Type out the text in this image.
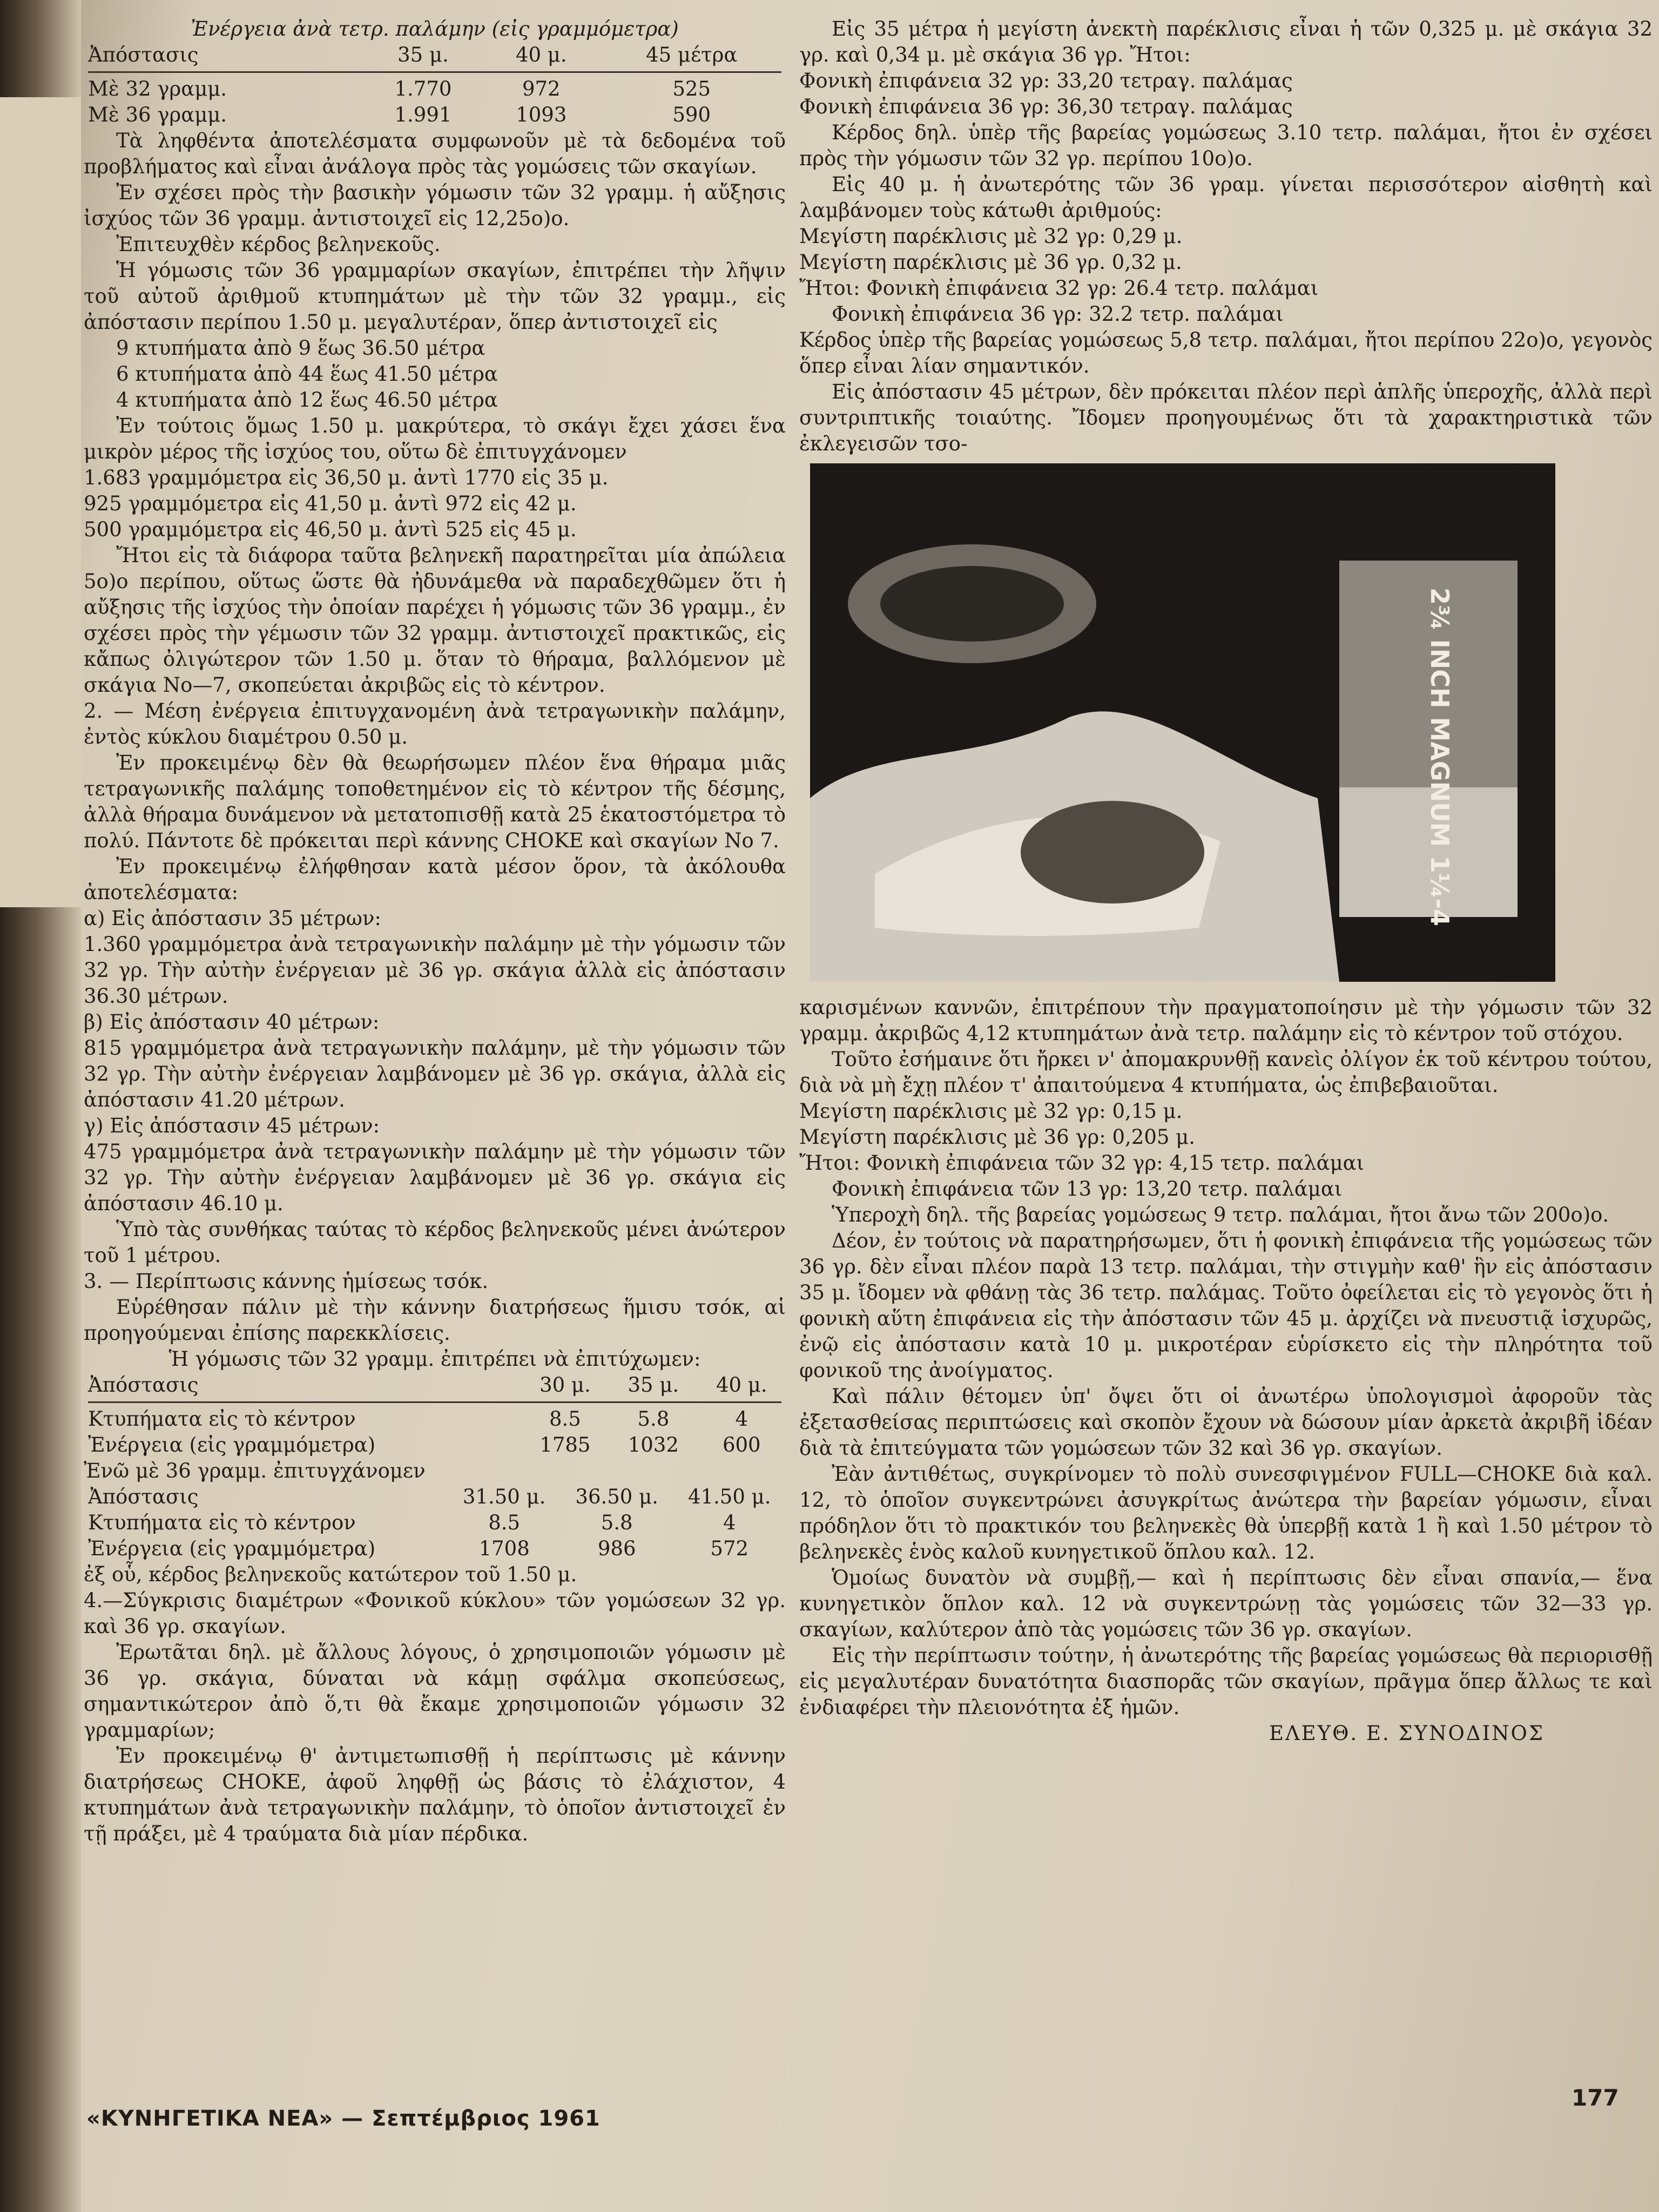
Ἐνέργεια ἀνὰ τετρ. παλάμην (εἰς γραμμόμετρα)

Ἀπόστασις	35 μ.	40 μ.	45 μέτρα

Μὲ 32 γραμμ.	1.770	972	525
Μὲ 36 γραμμ.	1.991	1093	590

Τὰ ληφθέντα ἀποτελέσματα συμφωνοῦν μὲ τὰ δεδομένα τοῦ προβλήματος καὶ εἶναι ἀνάλογα πρὸς τὰς γομώσεις τῶν σκαγίων.

Ἐν σχέσει πρὸς τὴν βασικὴν γόμωσιν τῶν 32 γραμμ. ἡ αὔξησις ἰσχύος τῶν 36 γραμμ. ἀντιστοιχεῖ εἰς 12,25ο)ο.

Ἐπιτευχθὲν κέρδος βεληνεκοῦς.

Ἡ γόμωσις τῶν 36 γραμμαρίων σκαγίων, ἐπιτρέπει τὴν λῆψιν τοῦ αὐτοῦ ἀριθμοῦ κτυπημάτων μὲ τὴν τῶν 32 γραμμ., εἰς ἀπόστασιν περίπου 1.50 μ. μεγαλυτέραν, ὅπερ ἀντιστοιχεῖ εἰς

9 κτυπήματα ἀπὸ 9 ἕως 36.50 μέτρα

6 κτυπήματα ἀπὸ 44 ἕως 41.50 μέτρα

4 κτυπήματα ἀπὸ 12 ἕως 46.50 μέτρα

Ἐν τούτοις ὅμως 1.50 μ. μακρύτερα, τὸ σκάγι ἔχει χάσει ἕνα μικρὸν μέρος τῆς ἰσχύος του, οὕτω δὲ ἐπιτυγχάνομεν

1.683 γραμμόμετρα εἰς 36,50 μ. ἀντὶ 1770 εἰς 35 μ.

925 γραμμόμετρα εἰς 41,50 μ. ἀντὶ 972 εἰς 42 μ.

500 γραμμόμετρα εἰς 46,50 μ. ἀντὶ 525 εἰς 45 μ.

Ἤτοι εἰς τὰ διάφορα ταῦτα βεληνεκῆ παρατηρεῖται μία ἀπώλεια 5ο)ο περίπου, οὕτως ὥστε θὰ ἠδυνάμεθα νὰ παραδεχθῶμεν ὅτι ἡ αὔξησις τῆς ἰσχύος τὴν ὁποίαν παρέχει ἡ γόμωσις τῶν 36 γραμμ., ἐν σχέσει πρὸς τὴν γέμωσιν τῶν 32 γραμμ. ἀντιστοιχεῖ πρακτικῶς, εἰς κἄπως ὀλιγώτερον τῶν 1.50 μ. ὅταν τὸ θήραμα, βαλλόμενον μὲ σκάγια Νο—7, σκοπεύεται ἀκριβῶς εἰς τὸ κέντρον.

2. — Μέση ἐνέργεια ἐπιτυγχανομένη ἀνὰ τετραγωνικὴν παλάμην, ἐντὸς κύκλου διαμέτρου 0.50 μ.

Ἐν προκειμένῳ δὲν θὰ θεωρήσωμεν πλέον ἕνα θήραμα μιᾶς τετραγωνικῆς παλάμης τοποθετημένον εἰς τὸ κέντρον τῆς δέσμης, ἀλλὰ θήραμα δυνάμενον νὰ μετατοπισθῇ κατὰ 25 ἑκατοστόμετρα τὸ πολύ. Πάντοτε δὲ πρόκειται περὶ κάννης CHOKE καὶ σκαγίων Νο 7.

Ἐν προκειμένῳ ἐλήφθησαν κατὰ μέσον ὅρον, τὰ ἀκόλουθα ἀποτελέσματα:

α) Εἰς ἀπόστασιν 35 μέτρων:

1.360 γραμμόμετρα ἀνὰ τετραγωνικὴν παλάμην μὲ τὴν γόμωσιν τῶν 32 γρ. Τὴν αὐτὴν ἐνέργειαν μὲ 36 γρ. σκάγια ἀλλὰ εἰς ἀπόστασιν 36.30 μέτρων.

β) Εἰς ἀπόστασιν 40 μέτρων:

815 γραμμόμετρα ἀνὰ τετραγωνικὴν παλάμην, μὲ τὴν γόμωσιν τῶν 32 γρ. Τὴν αὐτὴν ἐνέργειαν λαμβάνομεν μὲ 36 γρ. σκάγια, ἀλλὰ εἰς ἀπόστασιν 41.20 μέτρων.

γ) Εἰς ἀπόστασιν 45 μέτρων:

475 γραμμόμετρα ἀνὰ τετραγωνικὴν παλάμην μὲ τὴν γόμωσιν τῶν 32 γρ. Τὴν αὐτὴν ἐνέργειαν λαμβάνομεν μὲ 36 γρ. σκάγια εἰς ἀπόστασιν 46.10 μ.

Ὑπὸ τὰς συνθήκας ταύτας τὸ κέρδος βεληνεκοῦς μένει ἀνώτερον τοῦ 1 μέτρου.

3. — Περίπτωσις κάννης ἡμίσεως τσόκ.

Εὑρέθησαν πάλιν μὲ τὴν κάννην διατρήσεως ἥμισυ τσόκ, αἱ προηγούμεναι ἐπίσης παρεκκλίσεις.

Ἡ γόμωσις τῶν 32 γραμμ. ἐπιτρέπει νὰ ἐπιτύχωμεν:

Ἀπόστασις	30 μ.	35 μ.	40 μ.

Κτυπήματα εἰς τὸ κέντρον	8.5	5.8	4
Ἐνέργεια (εἰς γραμμόμετρα)	1785	1032	600

Ἐνῶ μὲ 36 γραμμ. ἐπιτυγχάνομεν

Ἀπόστασις	31.50 μ.	36.50 μ.	41.50 μ.
Κτυπήματα εἰς τὸ κέντρον	8.5	5.8	4
Ἐνέργεια (εἰς γραμμόμετρα)	1708	986	572

ἐξ οὗ, κέρδος βεληνεκοῦς κατώτερον τοῦ 1.50 μ.

4.—Σύγκρισις διαμέτρων «Φονικοῦ κύκλου» τῶν γομώσεων 32 γρ. καὶ 36 γρ. σκαγίων.

Ἐρωτᾶται δηλ. μὲ ἄλλους λόγους, ὁ χρησιμοποιῶν γόμωσιν μὲ 36 γρ. σκάγια, δύναται νὰ κάμῃ σφάλμα σκοπεύσεως, σημαντικώτερον ἀπὸ ὅ,τι θὰ ἔκαμε χρησιμοποιῶν γόμωσιν 32 γραμμαρίων;

Ἐν προκειμένῳ θ' ἀντιμετωπισθῇ ἡ περίπτωσις μὲ κάννην διατρήσεως CHOKE, ἀφοῦ ληφθῇ ὡς βάσις τὸ ἐλάχιστον, 4 κτυπημάτων ἀνὰ τετραγωνικὴν παλάμην, τὸ ὁποῖον ἀντιστοιχεῖ ἐν τῇ πράξει, μὲ 4 τραύματα διὰ μίαν πέρδικα.

Εἰς 35 μέτρα ἡ μεγίστη ἀνεκτὴ παρέκλισις εἶναι ἡ τῶν 0,325 μ. μὲ σκάγια 32 γρ. καὶ 0,34 μ. μὲ σκάγια 36 γρ. Ἤτοι:

Φονικὴ ἐπιφάνεια 32 γρ: 33,20 τετραγ. παλάμας

Φονικὴ ἐπιφάνεια 36 γρ: 36,30 τετραγ. παλάμας

Κέρδος δηλ. ὑπὲρ τῆς βαρείας γομώσεως 3.10 τετρ. παλάμαι, ἤτοι ἐν σχέσει πρὸς τὴν γόμωσιν τῶν 32 γρ. περίπου 10ο)ο.

Εἰς 40 μ. ἡ ἀνωτερότης τῶν 36 γραμ. γίνεται περισσότερον αἰσθητὴ καὶ λαμβάνομεν τοὺς κάτωθι ἀριθμούς:

Μεγίστη παρέκλισις μὲ 32 γρ: 0,29 μ.

Μεγίστη παρέκλισις μὲ 36 γρ. 0,32 μ.

Ἤτοι: Φονικὴ ἐπιφάνεια 32 γρ: 26.4 τετρ. παλάμαι

Φονικὴ ἐπιφάνεια 36 γρ: 32.2 τετρ. παλάμαι

Κέρδος ὑπὲρ τῆς βαρείας γομώσεως 5,8 τετρ. παλάμαι, ἤτοι περίπου 22ο)ο, γεγονὸς ὅπερ εἶναι λίαν σημαντικόν.

Εἰς ἀπόστασιν 45 μέτρων, δὲν πρόκειται πλέον περὶ ἁπλῆς ὑπεροχῆς, ἀλλὰ περὶ συντριπτικῆς τοιαύτης. Ἴδομεν προηγουμένως ὅτι τὰ χαρακτηριστικὰ τῶν ἐκλεγεισῶν τσο-

2¾ INCH MAGNUM 1¼-4

καρισμένων καννῶν, ἐπιτρέπουν τὴν πραγματοποίησιν μὲ τὴν γόμωσιν τῶν 32 γραμμ. ἀκριβῶς 4,12 κτυπημάτων ἀνὰ τετρ. παλάμην εἰς τὸ κέντρον τοῦ στόχου.

Τοῦτο ἐσήμαινε ὅτι ἤρκει ν' ἀπομακρυνθῇ κανεὶς ὀλίγον ἐκ τοῦ κέντρου τούτου, διὰ νὰ μὴ ἔχῃ πλέον τ' ἀπαιτούμενα 4 κτυπήματα, ὡς ἐπιβεβαιοῦται.

Μεγίστη παρέκλισις μὲ 32 γρ: 0,15 μ.

Μεγίστη παρέκλισις μὲ 36 γρ: 0,205 μ.

Ἤτοι: Φονικὴ ἐπιφάνεια τῶν 32 γρ: 4,15 τετρ. παλάμαι

Φονικὴ ἐπιφάνεια τῶν 13 γρ: 13,20 τετρ. παλάμαι

Ὑπεροχὴ δηλ. τῆς βαρείας γομώσεως 9 τετρ. παλάμαι, ἤτοι ἄνω τῶν 200ο)ο.

Δέον, ἐν τούτοις νὰ παρατηρήσωμεν, ὅτι ἡ φονικὴ ἐπιφάνεια τῆς γομώσεως τῶν 36 γρ. δὲν εἶναι πλέον παρὰ 13 τετρ. παλάμαι, τὴν στιγμὴν καθ' ἣν εἰς ἀπόστασιν 35 μ. ἴδομεν νὰ φθάνῃ τὰς 36 τετρ. παλάμας. Τοῦτο ὀφείλεται εἰς τὸ γεγονὸς ὅτι ἡ φονικὴ αὕτη ἐπιφάνεια εἰς τὴν ἀπόστασιν τῶν 45 μ. ἀρχίζει νὰ πνευστιᾷ ἰσχυρῶς, ἐνῷ εἰς ἀπόστασιν κατὰ 10 μ. μικροτέραν εὑρίσκετο εἰς τὴν πληρότητα τοῦ φονικοῦ της ἀνοίγματος.

Καὶ πάλιν θέτομεν ὑπ' ὄψει ὅτι οἱ ἀνωτέρω ὑπολογισμοὶ ἀφοροῦν τὰς ἐξετασθείσας περιπτώσεις καὶ σκοπὸν ἔχουν νὰ δώσουν μίαν ἀρκετὰ ἀκριβῆ ἰδέαν διὰ τὰ ἐπιτεύγματα τῶν γομώσεων τῶν 32 καὶ 36 γρ. σκαγίων.

Ἐὰν ἀντιθέτως, συγκρίνομεν τὸ πολὺ συνεσφιγμένον FULL—CHOKE διὰ καλ. 12, τὸ ὁποῖον συγκεντρώνει ἀσυγκρίτως ἀνώτερα τὴν βαρείαν γόμωσιν, εἶναι πρόδηλον ὅτι τὸ πρακτικόν του βεληνεκὲς θὰ ὑπερβῇ κατὰ 1 ἢ καὶ 1.50 μέτρον τὸ βεληνεκὲς ἑνὸς καλοῦ κυνηγετικοῦ ὅπλου καλ. 12.

Ὁμοίως δυνατὸν νὰ συμβῇ,— καὶ ἡ περίπτωσις δὲν εἶναι σπανία,— ἕνα κυνηγετικὸν ὅπλον καλ. 12 νὰ συγκεντρώνῃ τὰς γομώσεις τῶν 32—33 γρ. σκαγίων, καλύτερον ἀπὸ τὰς γομώσεις τῶν 36 γρ. σκαγίων.

Εἰς τὴν περίπτωσιν τούτην, ἡ ἀνωτερότης τῆς βαρείας γομώσεως θὰ περιορισθῇ εἰς μεγαλυτέραν δυνατότητα διασπορᾶς τῶν σκαγίων, πρᾶγμα ὅπερ ἄλλως τε καὶ ἐνδιαφέρει τὴν πλειονότητα ἐξ ἡμῶν.

ΕΛΕΥΘ. Ε. ΣΥΝΟΔΙΝΟΣ

«ΚΥΝΗΓΕΤΙΚΑ ΝΕΑ» — Σεπτέμβριος 1961
177
